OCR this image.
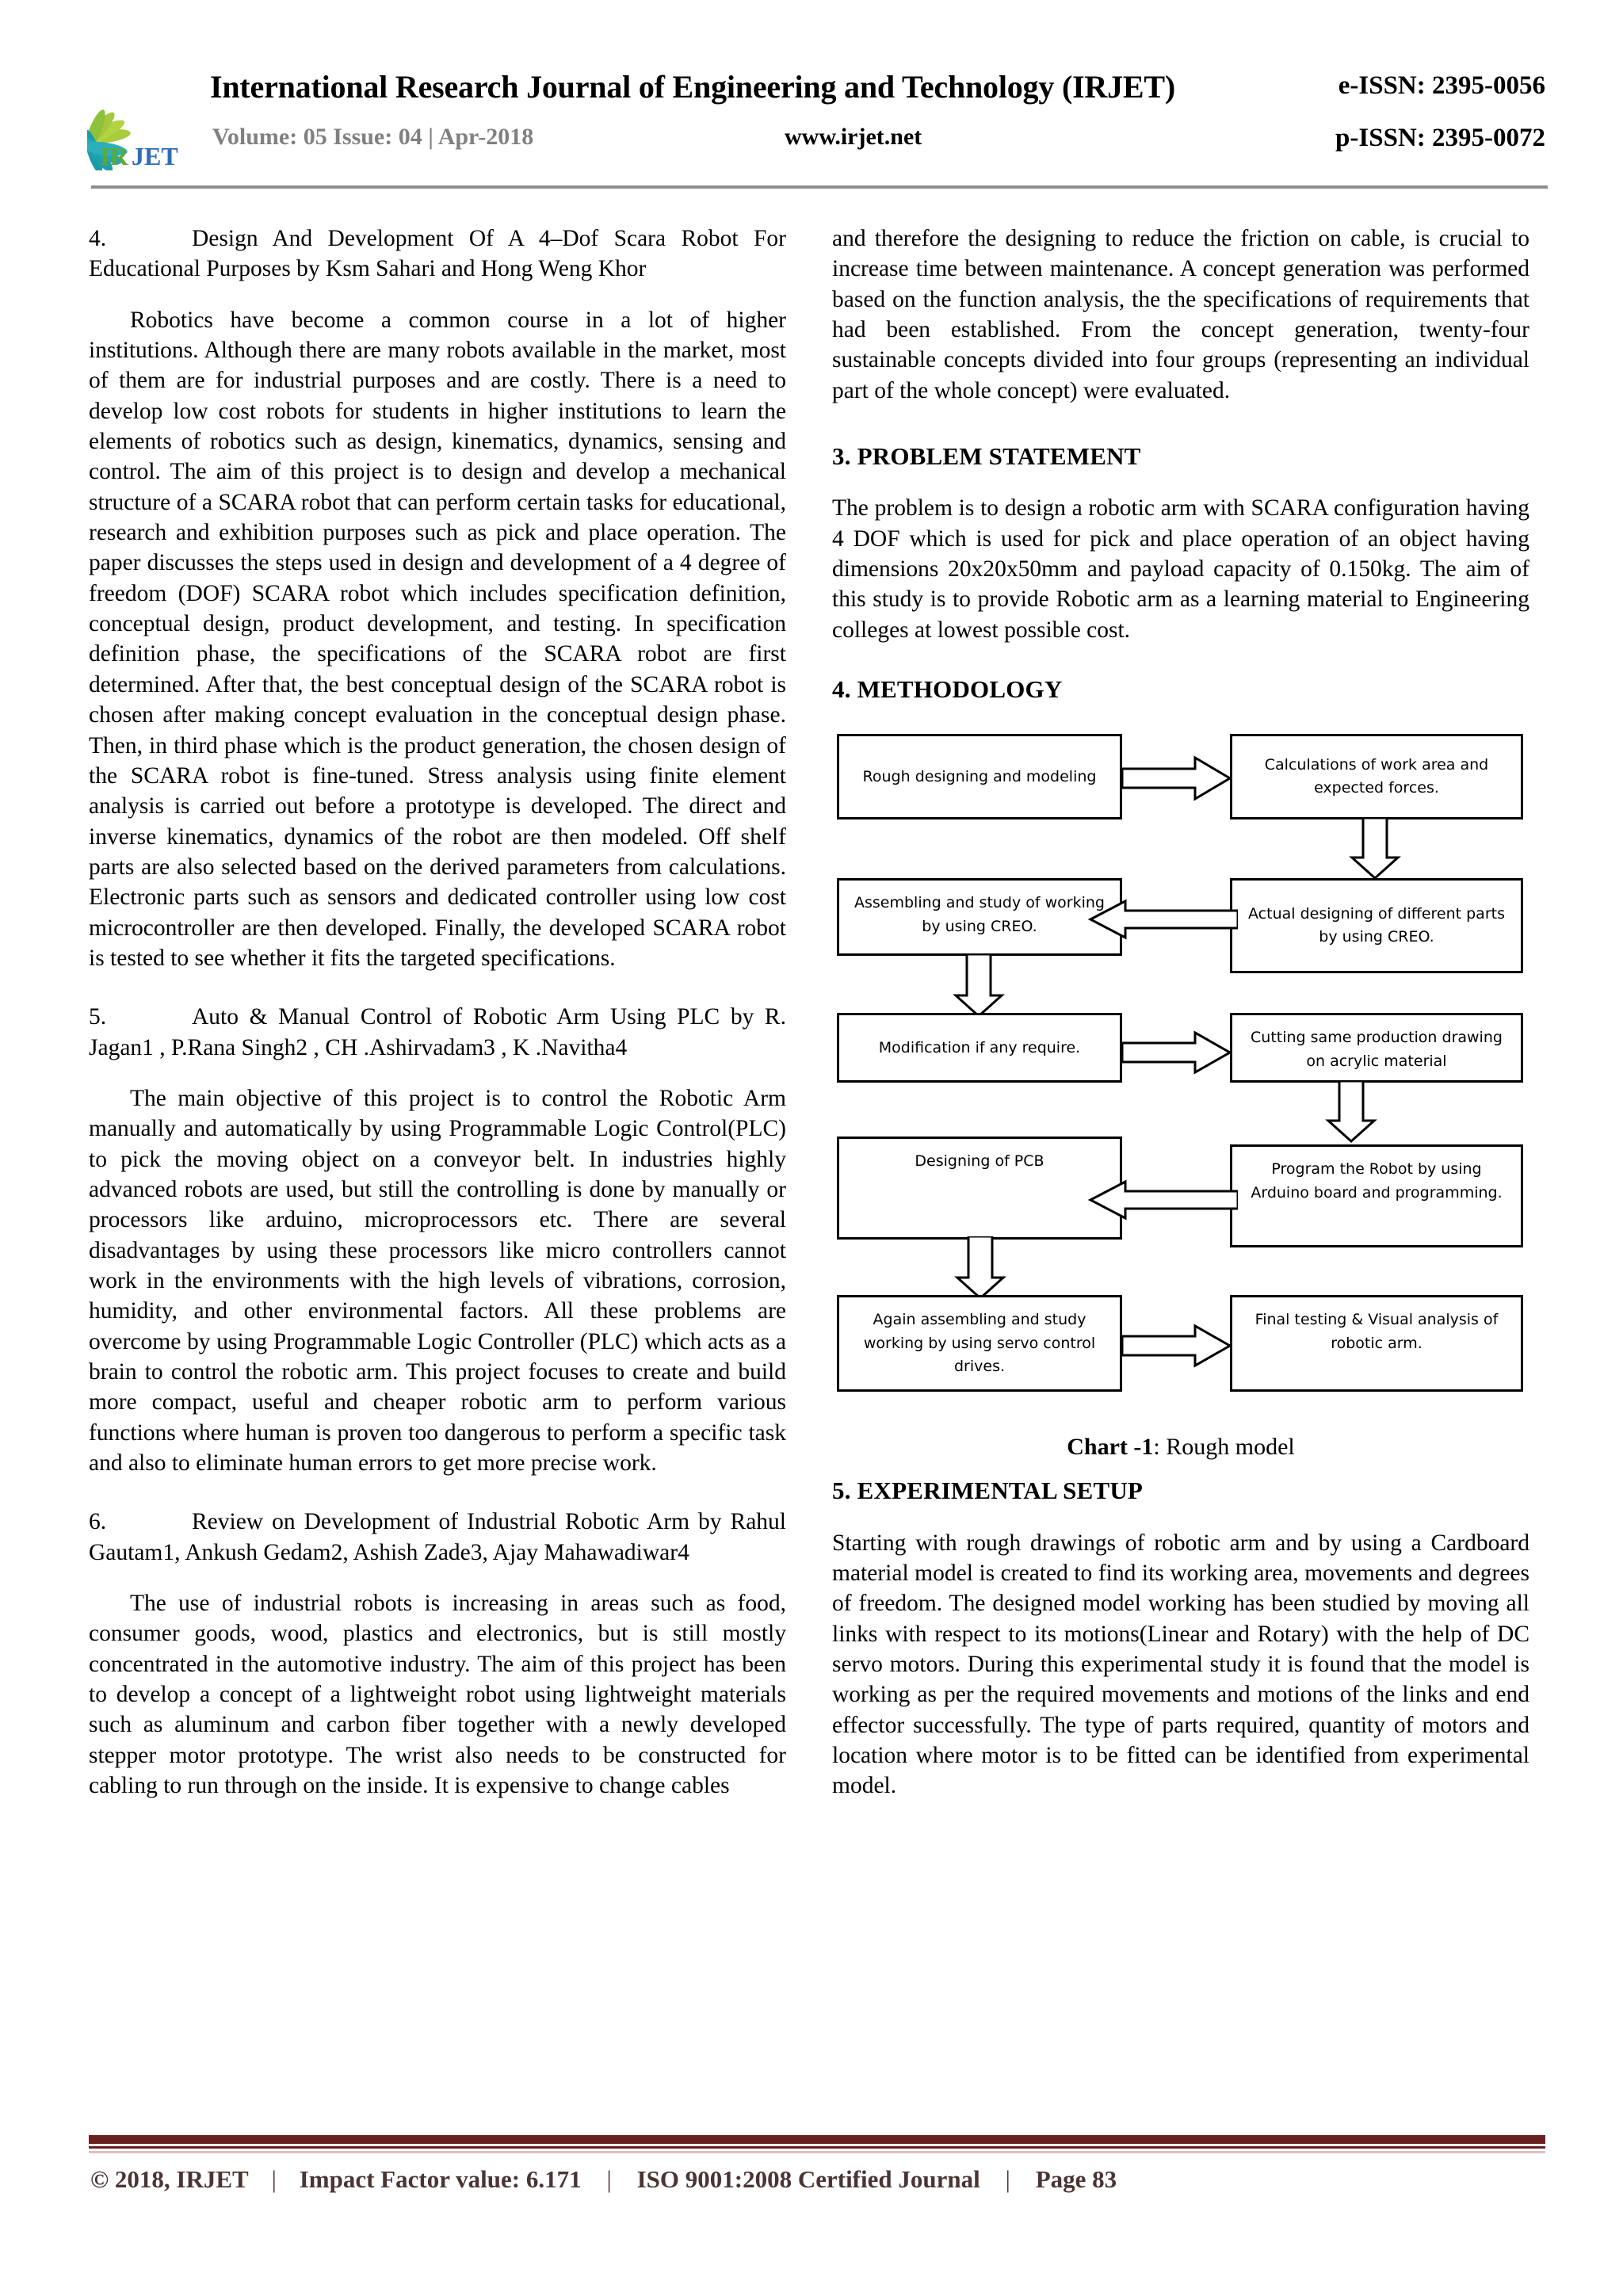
IR JET
International Research Journal of Engineering and Technology (IRJET)	e-ISSN: 2395-0056
Volume: 05 Issue: 04 | Apr-2018	www.irjet.net	p-ISSN: 2395-0072

4.	Design And Development Of A 4–Dof Scara Robot For Educational Purposes by Ksm Sahari and Hong Weng Khor

Robotics have become a common course in a lot of higher institutions. Although there are many robots available in the market, most of them are for industrial purposes and are costly. There is a need to develop low cost robots for students in higher institutions to learn the elements of robotics such as design, kinematics, dynamics, sensing and control. The aim of this project is to design and develop a mechanical structure of a SCARA robot that can perform certain tasks for educational, research and exhibition purposes such as pick and place operation. The paper discusses the steps used in design and development of a 4 degree of freedom (DOF) SCARA robot which includes specification definition, conceptual design, product development, and testing. In specification definition phase, the specifications of the SCARA robot are first determined. After that, the best conceptual design of the SCARA robot is chosen after making concept evaluation in the conceptual design phase. Then, in third phase which is the product generation, the chosen design of the SCARA robot is fine-tuned. Stress analysis using finite element analysis is carried out before a prototype is developed. The direct and inverse kinematics, dynamics of the robot are then modeled. Off shelf parts are also selected based on the derived parameters from calculations. Electronic parts such as sensors and dedicated controller using low cost microcontroller are then developed. Finally, the developed SCARA robot is tested to see whether it fits the targeted specifications.

5.	Auto & Manual Control of Robotic Arm Using PLC by R. Jagan1 , P.Rana Singh2 , CH .Ashirvadam3 , K .Navitha4

The main objective of this project is to control the Robotic Arm manually and automatically by using Programmable Logic Control(PLC) to pick the moving object on a conveyor belt. In industries highly advanced robots are used, but still the controlling is done by manually or processors like arduino, microprocessors etc. There are several disadvantages by using these processors like micro controllers cannot work in the environments with the high levels of vibrations, corrosion, humidity, and other environmental factors. All these problems are overcome by using Programmable Logic Controller (PLC) which acts as a brain to control the robotic arm. This project focuses to create and build more compact, useful and cheaper robotic arm to perform various functions where human is proven too dangerous to perform a specific task and also to eliminate human errors to get more precise work.

6.	Review on Development of Industrial Robotic Arm by Rahul Gautam1, Ankush Gedam2, Ashish Zade3, Ajay Mahawadiwar4

The use of industrial robots is increasing in areas such as food, consumer goods, wood, plastics and electronics, but is still mostly concentrated in the automotive industry. The aim of this project has been to develop a concept of a lightweight robot using lightweight materials such as aluminum and carbon fiber together with a newly developed stepper motor prototype. The wrist also needs to be constructed for cabling to run through on the inside. It is expensive to change cables

and therefore the designing to reduce the friction on cable, is crucial to increase time between maintenance. A concept generation was performed based on the function analysis, the the specifications of requirements that had been established. From the concept generation, twenty-four sustainable concepts divided into four groups (representing an individual part of the whole concept) were evaluated.

3. PROBLEM STATEMENT

The problem is to design a robotic arm with SCARA configuration having 4 DOF which is used for pick and place operation of an object having dimensions 20x20x50mm and payload capacity of 0.150kg. The aim of this study is to provide Robotic arm as a learning material to Engineering colleges at lowest possible cost.

4. METHODOLOGY

Rough designing and modeling
Calculations of work area and expected forces.
Actual designing of different parts by using CREO.
Assembling and study of working by using CREO.
Modification if any require.
Cutting same production drawing on acrylic material
Designing of PCB	Program the Robot by using Arduino board and programming.
Again assembling and study working by using servo control drives.
Final testing & Visual analysis of robotic arm.
Chart -1: Rough model

5. EXPERIMENTAL SETUP

Starting with rough drawings of robotic arm and by using a Cardboard material model is created to find its working area, movements and degrees of freedom. The designed model working has been studied by moving all links with respect to its motions(Linear and Rotary) with the help of DC servo motors. During this experimental study it is found that the model is working as per the required movements and motions of the links and end effector successfully. The type of parts required, quantity of motors and location where motor is to be fitted can be identified from experimental model.

© 2018, IRJET | Impact Factor value: 6.171 | ISO 9001:2008 Certified Journal | Page 83
